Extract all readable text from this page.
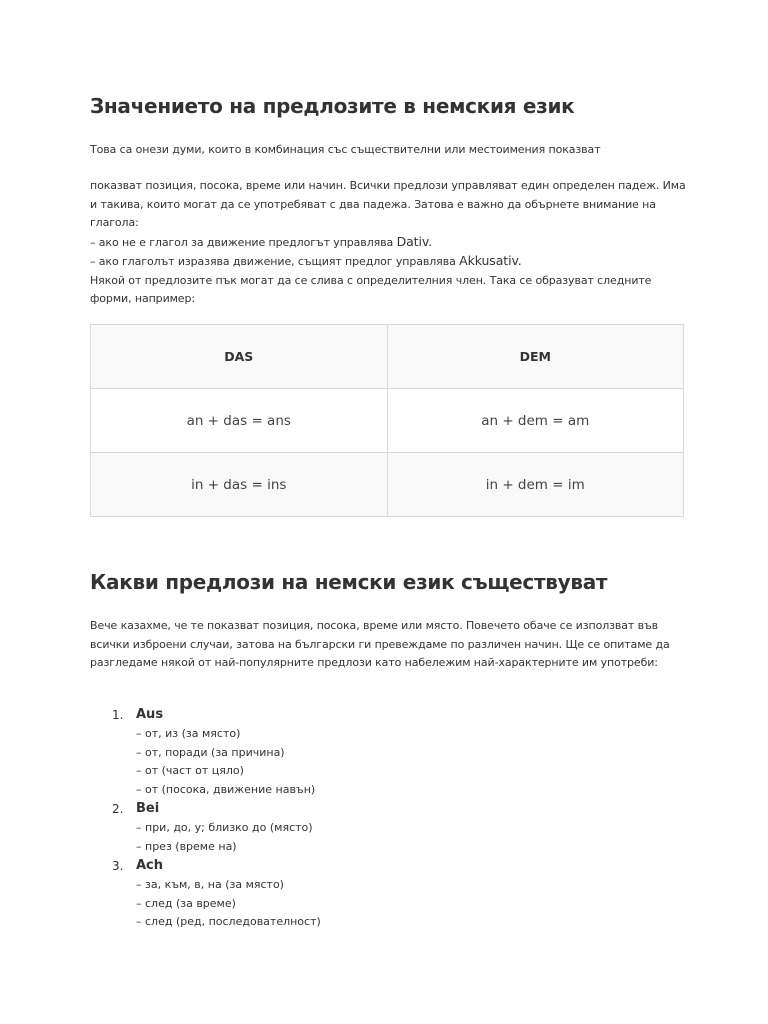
Значението на предлозите в немския език
Това са онези думи, които в комбинация със съществителни или местоимения показват
показват позиция, посока, време или начин. Всички предлози управляват един определен падеж. Има
и такива, които могат да се употребяват с два падежа. Затова е важно да обърнете внимание на
глагола:
– ако не е глагол за движение предлогът управлява Dativ.
– ако глаголът изразява движение, същият предлог управлява Akkusativ.
Някой от предлозите пък могат да се слива с определителния член. Така се образуват следните
форми, например:
DAS	DEM
an + das = ans	an + dem = am
in + das = ins	in + dem = im
Какви предлози на немски език съществуват
Вече казахме, че те показват позиция, посока, време или място. Повечето обаче се използват във
всички изброени случаи, затова на български ги превеждаме по различен начин. Ще се опитаме да
разгледаме някой от най-популярните предлози като набележим най-характерните им употреби:
1. Aus
– от, из (за място)
– от, поради (за причина)
– от (част от цяло)
– от (посока, движение навън)
2. Bei
– при, до, у; близко до (място)
– през (време на)
3. Ach
– за, към, в, на (за място)
– след (за време)
– след (ред, последователност)
